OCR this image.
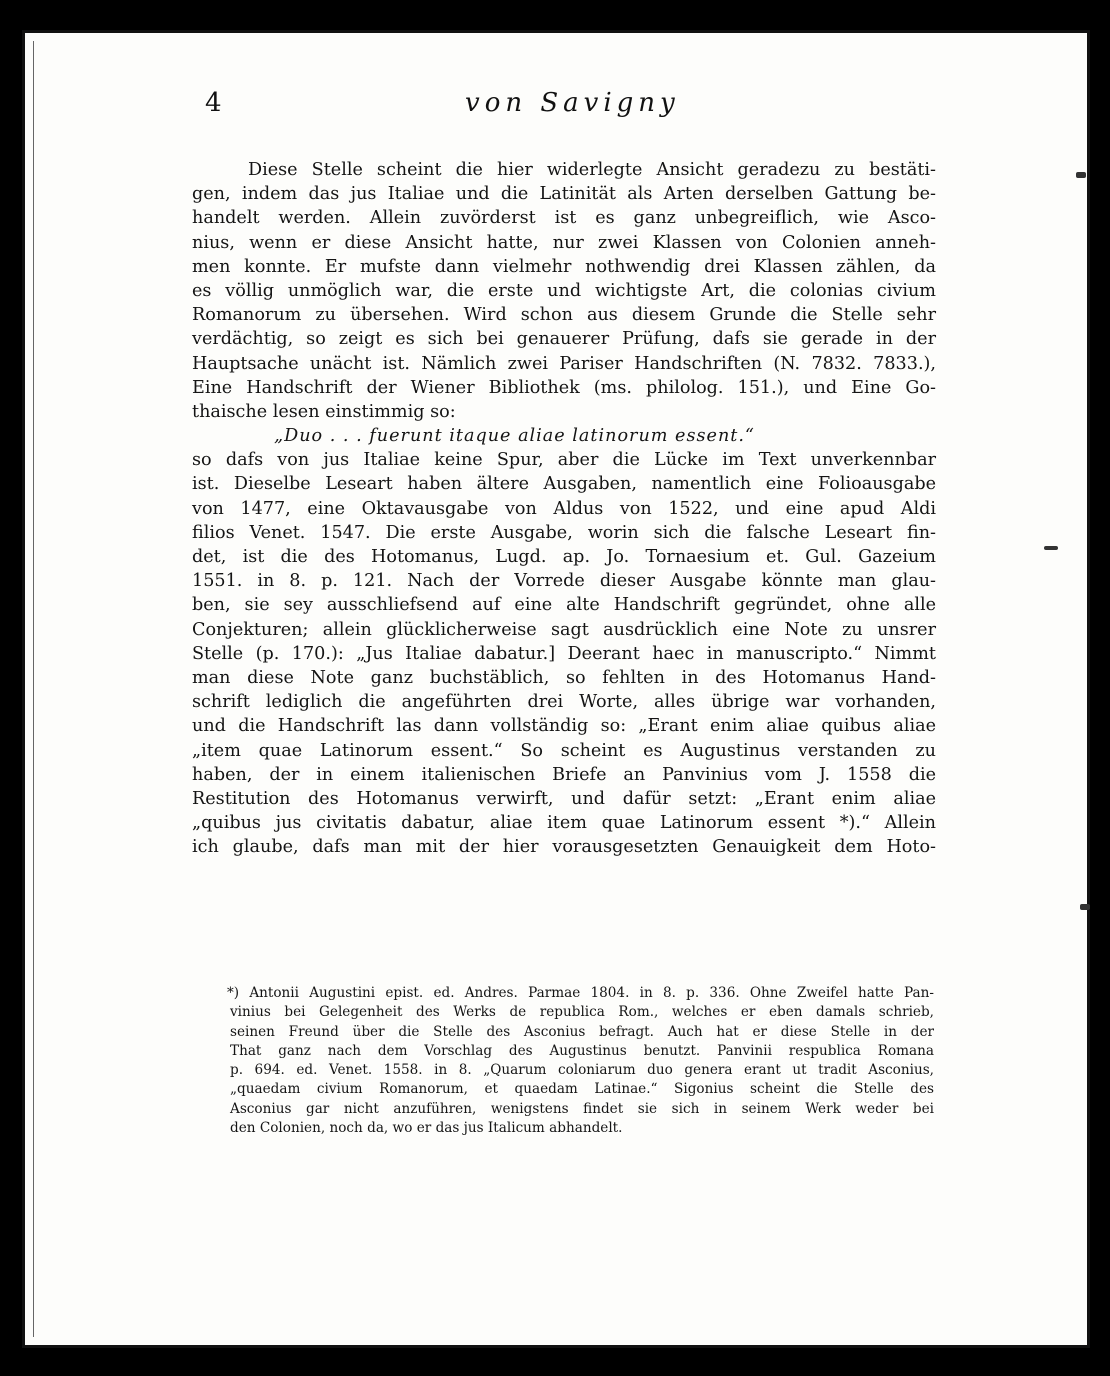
4	von Savigny
Diese Stelle scheint die hier widerlegte Ansicht geradezu zu bestäti-
gen, indem das jus Italiae und die Latinität als Arten derselben Gattung be-
handelt werden. Allein zuvörderst ist es ganz unbegreiflich, wie Asco-
nius, wenn er diese Ansicht hatte, nur zwei Klassen von Colonien anneh-
men konnte. Er mufste dann vielmehr nothwendig drei Klassen zählen, da
es völlig unmöglich war, die erste und wichtigste Art, die colonias civium
Romanorum zu übersehen. Wird schon aus diesem Grunde die Stelle sehr
verdächtig, so zeigt es sich bei genauerer Prüfung, dafs sie gerade in der
Hauptsache unächt ist. Nämlich zwei Pariser Handschriften (N. 7832. 7833.),
Eine Handschrift der Wiener Bibliothek (ms. philolog. 151.), und Eine Go-
thaische lesen einstimmig so:
„Duo . . . fuerunt itaque aliae latinorum essent.“
so dafs von jus Italiae keine Spur, aber die Lücke im Text unverkennbar
ist. Dieselbe Leseart haben ältere Ausgaben, namentlich eine Folioausgabe
von 1477, eine Oktavausgabe von Aldus von 1522, und eine apud Aldi
filios Venet. 1547. Die erste Ausgabe, worin sich die falsche Leseart fin-
det, ist die des Hotomanus, Lugd. ap. Jo. Tornaesium et. Gul. Gazeium
1551. in 8. p. 121. Nach der Vorrede dieser Ausgabe könnte man glau-
ben, sie sey ausschliefsend auf eine alte Handschrift gegründet, ohne alle
Conjekturen; allein glücklicherweise sagt ausdrücklich eine Note zu unsrer
Stelle (p. 170.): „Jus Italiae dabatur.] Deerant haec in manuscripto.“ Nimmt
man diese Note ganz buchstäblich, so fehlten in des Hotomanus Hand-
schrift lediglich die angeführten drei Worte, alles übrige war vorhanden,
und die Handschrift las dann vollständig so: „Erant enim aliae quibus aliae
„item quae Latinorum essent.“ So scheint es Augustinus verstanden zu
haben, der in einem italienischen Briefe an Panvinius vom J. 1558 die
Restitution des Hotomanus verwirft, und dafür setzt: „Erant enim aliae
„quibus jus civitatis dabatur, aliae item quae Latinorum essent *).“ Allein
ich glaube, dafs man mit der hier vorausgesetzten Genauigkeit dem Hoto-
*) Antonii Augustini epist. ed. Andres. Parmae 1804. in 8. p. 336. Ohne Zweifel hatte Pan-
vinius bei Gelegenheit des Werks de republica Rom., welches er eben damals schrieb,
seinen Freund über die Stelle des Asconius befragt. Auch hat er diese Stelle in der
That ganz nach dem Vorschlag des Augustinus benutzt. Panvinii respublica Romana
p. 694. ed. Venet. 1558. in 8. „Quarum coloniarum duo genera erant ut tradit Asconius,
„quaedam civium Romanorum, et quaedam Latinae.“ Sigonius scheint die Stelle des
Asconius gar nicht anzuführen, wenigstens findet sie sich in seinem Werk weder bei
den Colonien, noch da, wo er das jus Italicum abhandelt.
